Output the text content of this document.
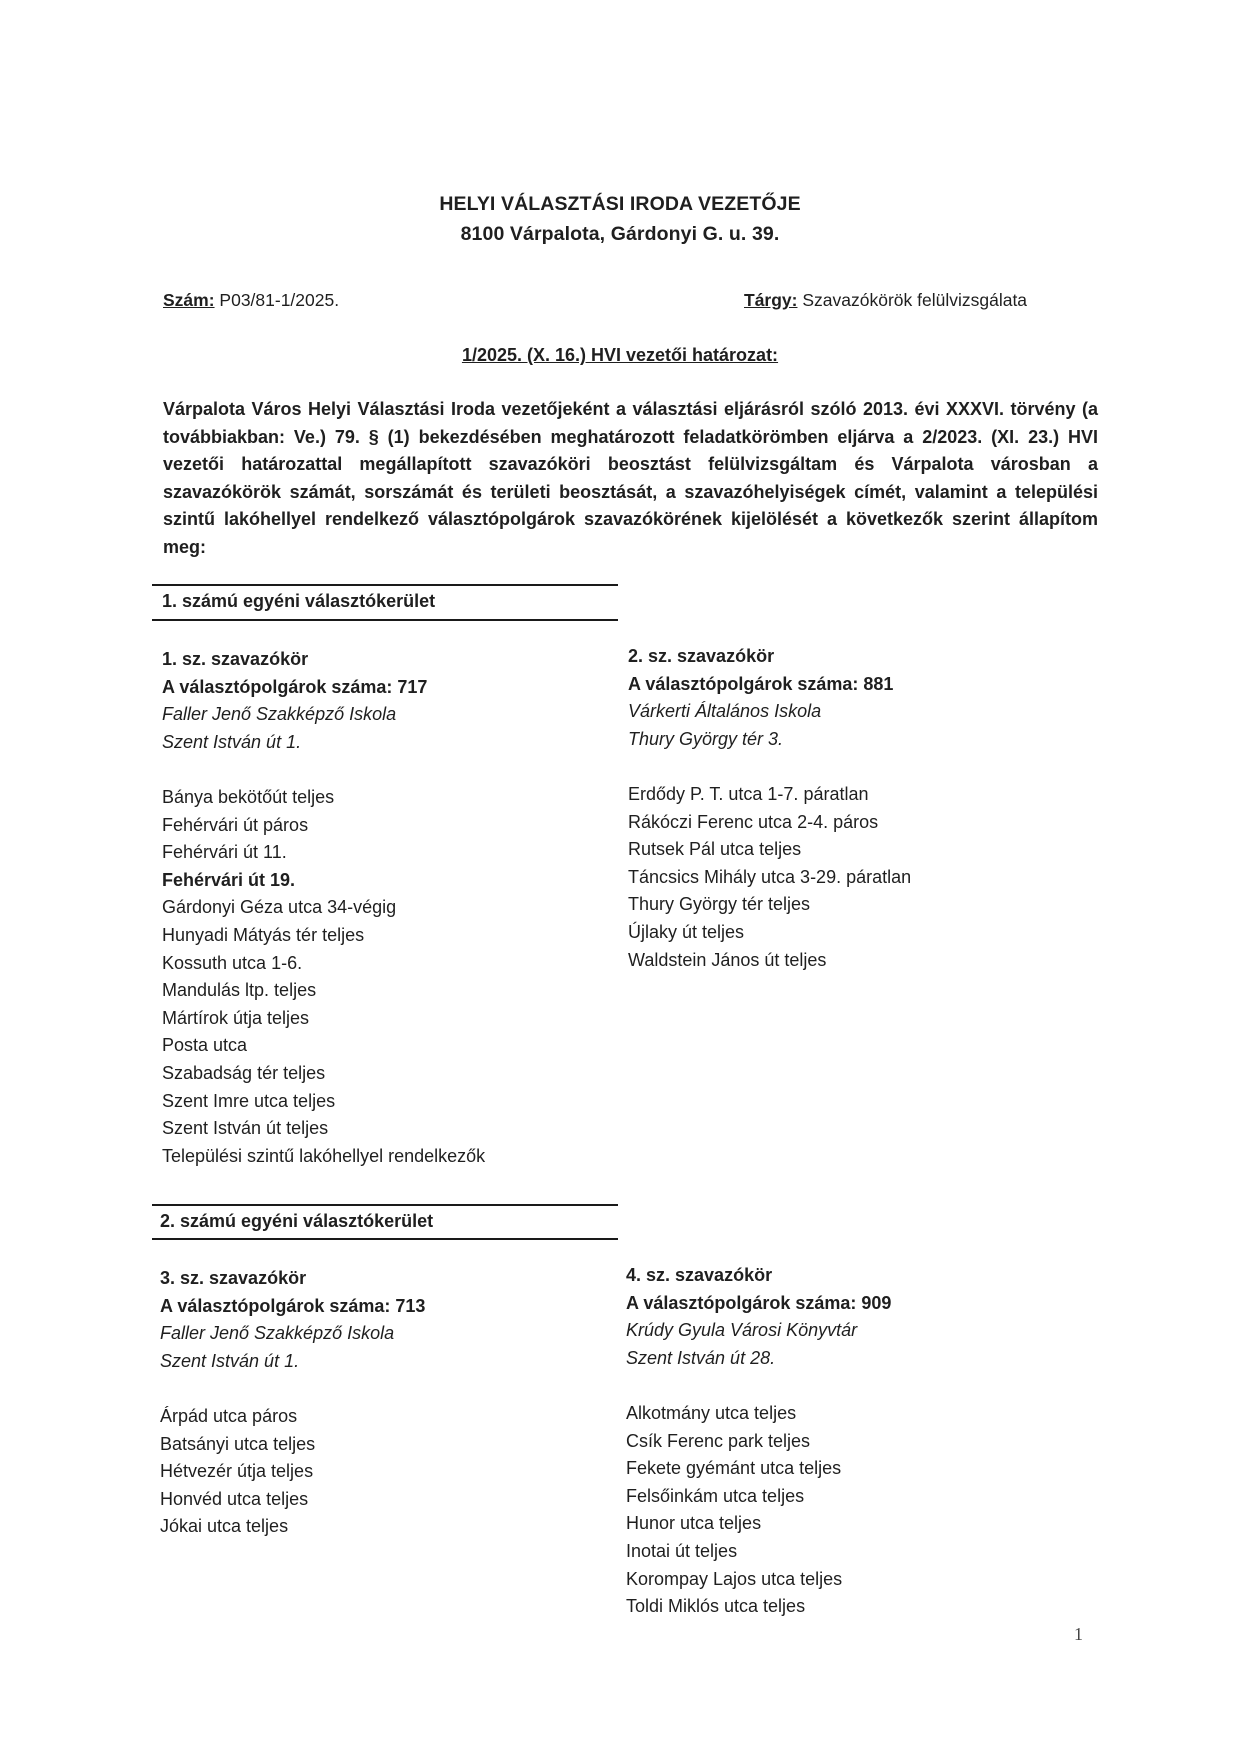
HELYI VÁLASZTÁSI IRODA VEZETŐJE
8100 Várpalota, Gárdonyi G. u. 39.
Szám: P03/81-1/2025.	Tárgy: Szavazókörök felülvizsgálata
1/2025. (X. 16.) HVI vezetői határozat:
Várpalota Város Helyi Választási Iroda vezetőjeként a választási eljárásról szóló 2013. évi XXXVI. törvény (a továbbiakban: Ve.) 79. § (1) bekezdésében meghatározott feladatkörömben eljárva a 2/2023. (XI. 23.) HVI vezetői határozattal megállapított szavazóköri beosztást felülvizsgáltam és Várpalota városban a szavazókörök számát, sorszámát és területi beosztását, a szavazóhelyiségek címét, valamint a települési szintű lakóhellyel rendelkező választópolgárok szavazókörének kijelölését a következők szerint állapítom meg:
1. számú egyéni választókerület
1. sz. szavazókör
A választópolgárok száma: 717
Faller Jenő Szakképző Iskola
Szent István út 1.
Bánya bekötőút teljes
Fehérvári út páros
Fehérvári út 11.
Fehérvári út 19.
Gárdonyi Géza utca 34-végig
Hunyadi Mátyás tér teljes
Kossuth utca 1-6.
Mandulás ltp. teljes
Mártírok útja teljes
Posta utca
Szabadság tér teljes
Szent Imre utca teljes
Szent István út teljes
Települési szintű lakóhellyel rendelkezők
2. sz. szavazókör
A választópolgárok száma: 881
Várkerti Általános Iskola
Thury György tér 3.
Erdődy P. T. utca 1-7. páratlan
Rákóczi Ferenc utca 2-4. páros
Rutsek Pál utca teljes
Táncsics Mihály utca 3-29. páratlan
Thury György tér teljes
Újlaky út teljes
Waldstein János út teljes
2. számú egyéni választókerület
3. sz. szavazókör
A választópolgárok száma: 713
Faller Jenő Szakképző Iskola
Szent István út 1.
Árpád utca páros
Batsányi utca teljes
Hétvezér útja teljes
Honvéd utca teljes
Jókai utca teljes
4. sz. szavazókör
A választópolgárok száma: 909
Krúdy Gyula Városi Könyvtár
Szent István út 28.
Alkotmány utca teljes
Csík Ferenc park teljes
Fekete gyémánt utca teljes
Felsőinkám utca teljes
Hunor utca teljes
Inotai út teljes
Korompay Lajos utca teljes
Toldi Miklós utca teljes
1
